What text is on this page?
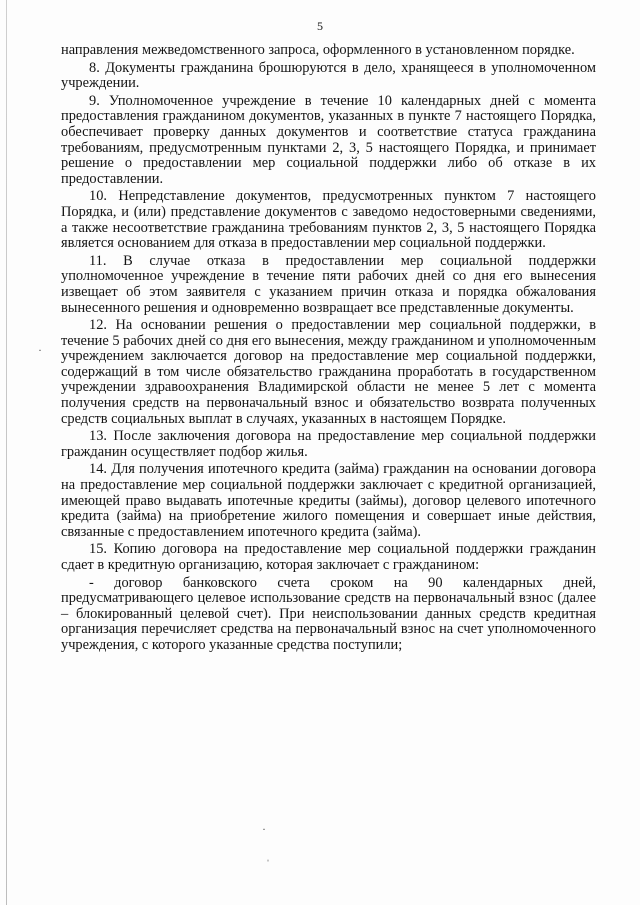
5

направления межведомственного запроса, оформленного в установленном порядке.

8. Документы гражданина брошюруются в дело, хранящееся в уполномоченном учреждении.

9. Уполномоченное учреждение в течение 10 календарных дней с момента предоставления гражданином документов, указанных в пункте 7 настоящего Порядка, обеспечивает проверку данных документов и соответствие статуса гражданина требованиям, предусмотренным пунктами 2, 3, 5 настоящего Порядка, и принимает решение о предоставлении мер социальной поддержки либо об отказе в их предоставлении.

10. Непредставление документов, предусмотренных пунктом 7 настоящего Порядка, и (или) представление документов с заведомо недостоверными сведениями, а также несоответствие гражданина требованиям пунктов 2, 3, 5 настоящего Порядка является основанием для отказа в предоставлении мер социальной поддержки.

11. В случае отказа в предоставлении мер социальной поддержки уполномоченное учреждение в течение пяти рабочих дней со дня его вынесения извещает об этом заявителя с указанием причин отказа и порядка обжалования вынесенного решения и одновременно возвращает все представленные документы.

12. На основании решения о предоставлении мер социальной поддержки, в течение 5 рабочих дней со дня его вынесения, между гражданином и уполномоченным учреждением заключается договор на предоставление мер социальной поддержки, содержащий в том числе обязательство гражданина проработать в государственном учреждении здравоохранения Владимирской области не менее 5 лет с момента получения средств на первоначальный взнос и обязательство возврата полученных средств социальных выплат в случаях, указанных в настоящем Порядке.

13. После заключения договора на предоставление мер социальной поддержки гражданин осуществляет подбор жилья.

14. Для получения ипотечного кредита (займа) гражданин на основании договора на предоставление мер социальной поддержки заключает с кредитной организацией, имеющей право выдавать ипотечные кредиты (займы), договор целевого ипотечного кредита (займа) на приобретение жилого помещения и совершает иные действия, связанные с предоставлением ипотечного кредита (займа).

15. Копию договора на предоставление мер социальной поддержки гражданин сдает в кредитную организацию, которая заключает с гражданином:

- договор банковского счета сроком на 90 календарных дней, предусматривающего целевое использование средств на первоначальный взнос (далее – блокированный целевой счет). При неиспользовании данных средств кредитная организация перечисляет средства на первоначальный взнос на счет уполномоченного учреждения, с которого указанные средства поступили;

·
·
ˌ
